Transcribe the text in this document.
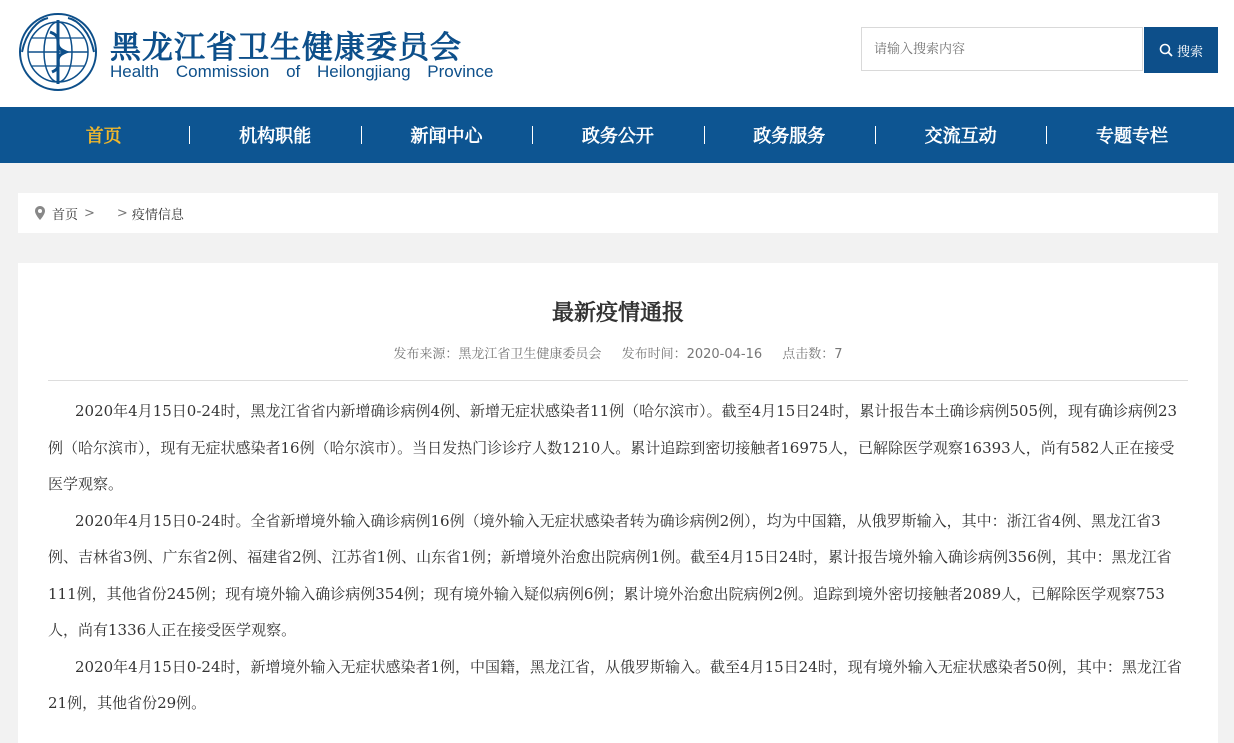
黑龙江省卫生健康委员会
Health Commission of Heilongjiang Province
请输入搜索内容
搜索
首页	机构职能	新闻中心	政务公开	政务服务	交流互动	专题专栏
首页 > > 疫情信息
最新疫情通报
发布来源：黑龙江省卫生健康委员会 发布时间：2020-04-16 点击数：7

2020年4月15日0-24时，黑龙江省省内新增确诊病例4例、新增无症状感染者11例（哈尔滨市）。截至4月15日24时，累计报告本土确诊病例505例，现有确诊病例23例（哈尔滨市），现有无症状感染者16例（哈尔滨市）。当日发热门诊诊疗人数1210人。累计追踪到密切接触者16975人，已解除医学观察16393人，尚有582人正在接受医学观察。

2020年4月15日0-24时。全省新增境外输入确诊病例16例（境外输入无症状感染者转为确诊病例2例），均为中国籍，从俄罗斯输入，其中：浙江省4例、黑龙江省3例、吉林省3例、广东省2例、福建省2例、江苏省1例、山东省1例；新增境外治愈出院病例1例。截至4月15日24时，累计报告境外输入确诊病例356例，其中：黑龙江省111例，其他省份245例；现有境外输入确诊病例354例；现有境外输入疑似病例6例；累计境外治愈出院病例2例。追踪到境外密切接触者2089人，已解除医学观察753人，尚有1336人正在接受医学观察。

2020年4月15日0-24时，新增境外输入无症状感染者1例，中国籍，黑龙江省，从俄罗斯输入。截至4月15日24时，现有境外输入无症状感染者50例，其中：黑龙江省21例，其他省份29例。
